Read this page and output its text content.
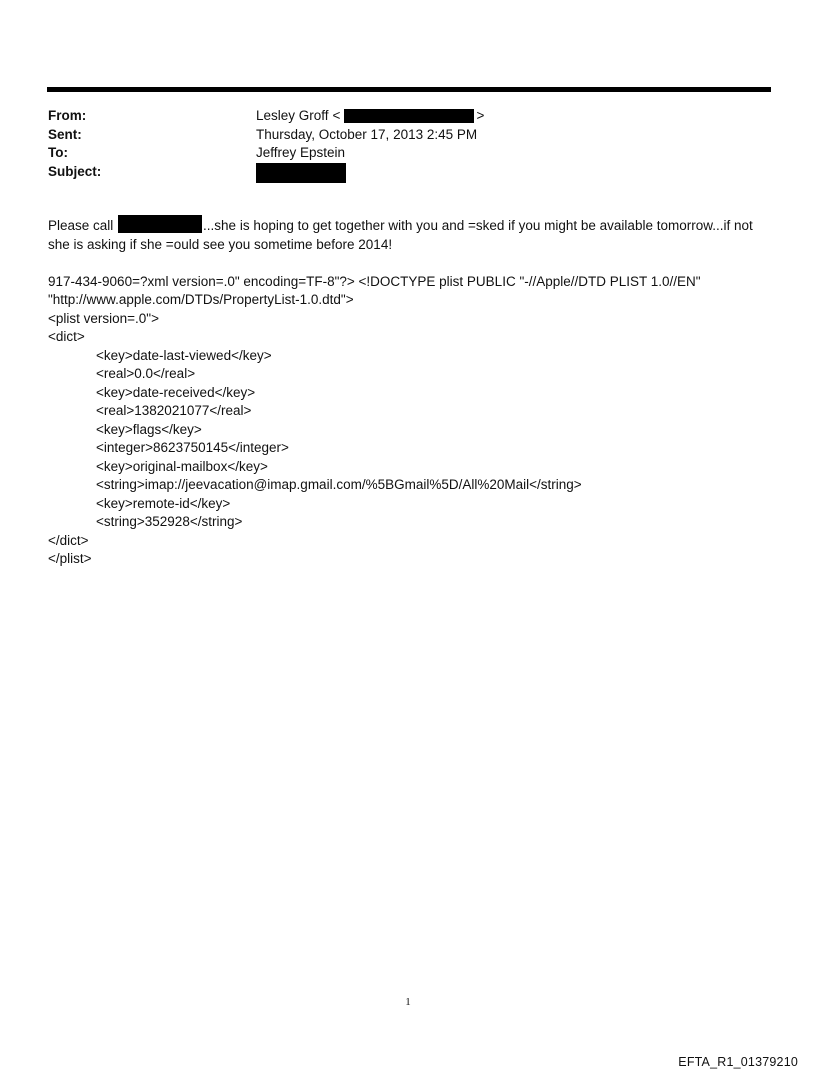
From:	Lesley Groff <	>
Sent:	Thursday, October 17, 2013 2:45 PM
To:	Jeffrey Epstein
Subject:

Please call	...she is hoping to get together with you and =sked if you might be available tomorrow...if not

she is asking if she =ould see you sometime before 2014!

917-434-9060=?xml version=.0" encoding=TF-8"?> <!DOCTYPE plist PUBLIC "-//Apple//DTD PLIST 1.0//EN"

"http://www.apple.com/DTDs/PropertyList-1.0.dtd">

<plist version=.0">

<dict>

<key>date-last-viewed</key>

<real>0.0</real>

<key>date-received</key>

<real>1382021077</real>

<key>flags</key>

<integer>8623750145</integer>

<key>original-mailbox</key>

<string>imap://jeevacation@imap.gmail.com/%5BGmail%5D/All%20Mail</string>

<key>remote-id</key>

<string>352928</string>

</dict>

</plist>

1
EFTA_R1_01379210
